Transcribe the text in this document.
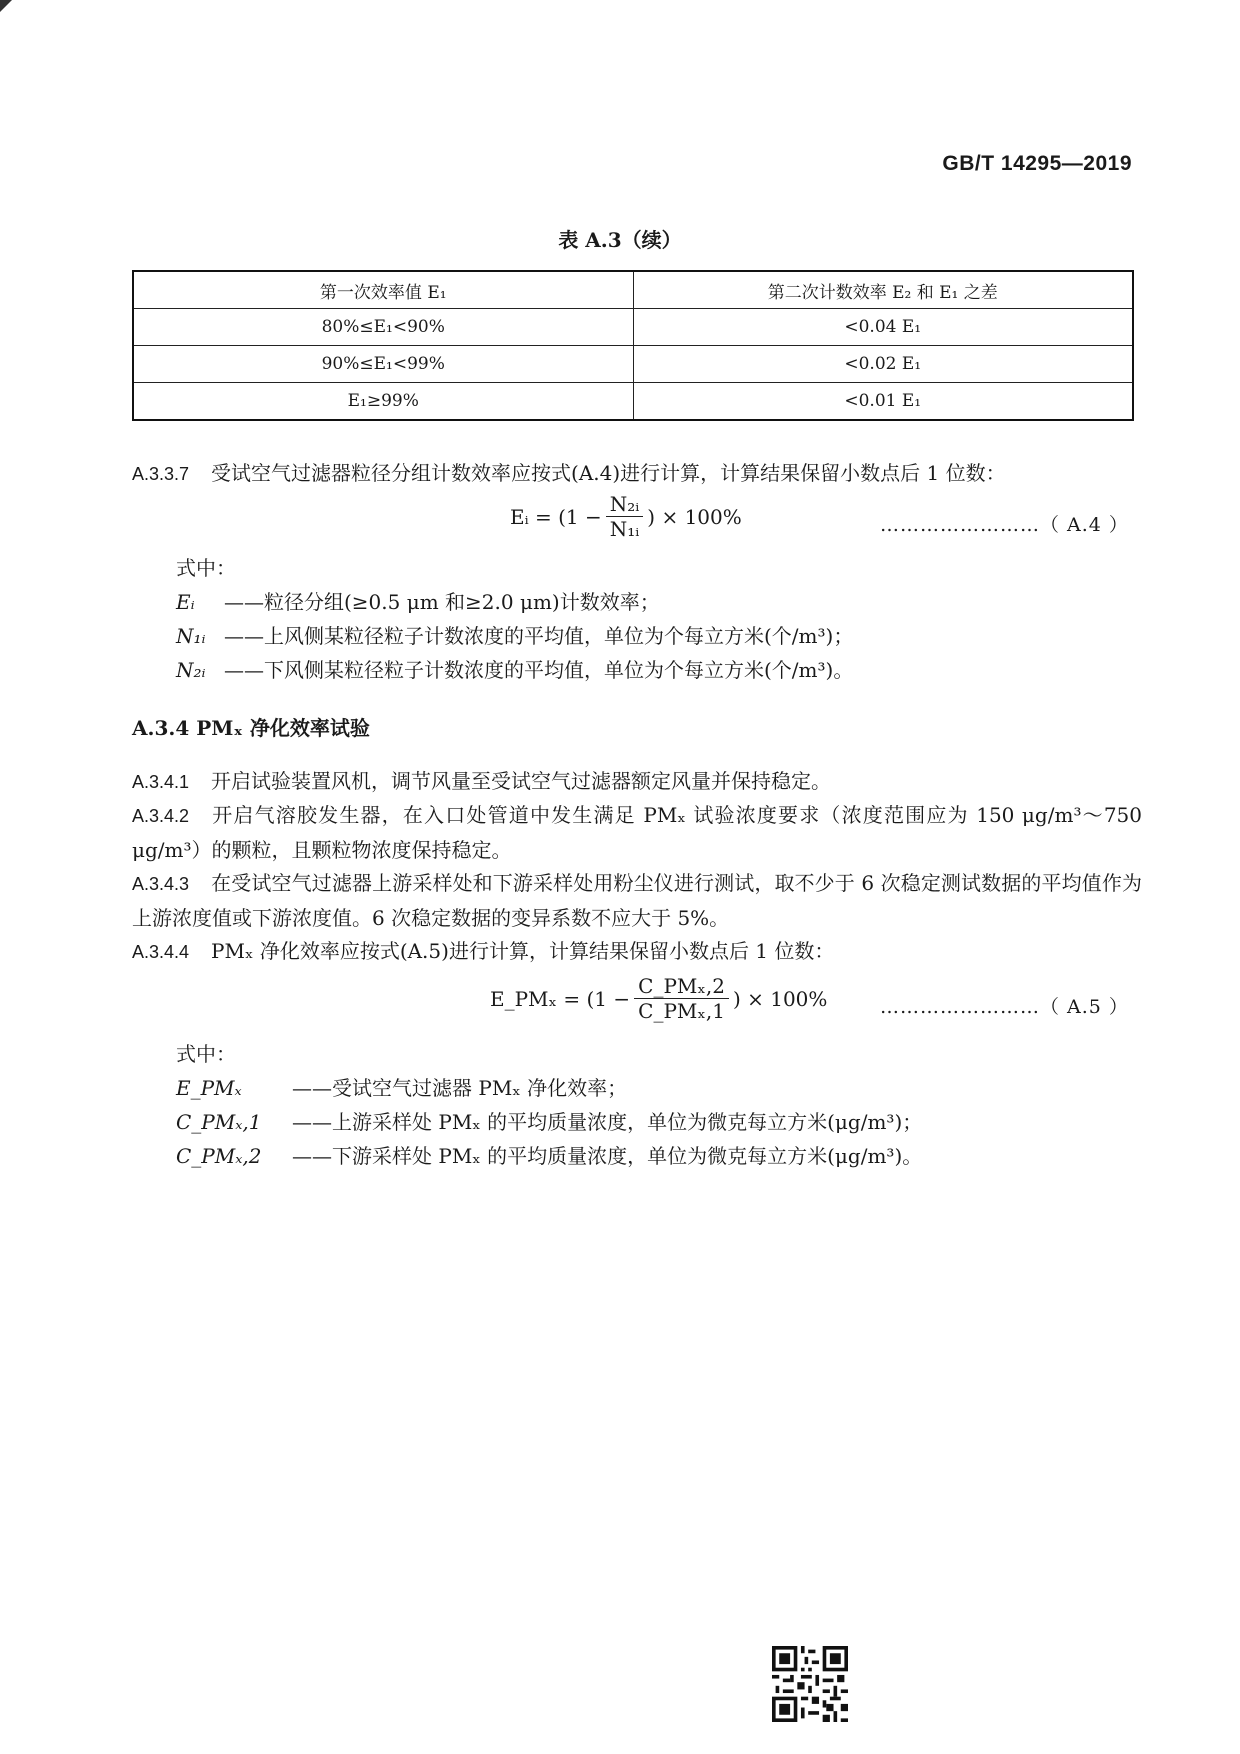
GB/T 14295—2019
表 A.3（续）
第一次效率值 E₁	第二次计数效率 E₂ 和 E₁ 之差
80%≤E₁<90%	<0.04 E₁
90%≤E₁<99%	<0.02 E₁
E₁≥99%	<0.01 E₁
A.3.3.7 受试空气过滤器粒径分组计数效率应按式(A.4)进行计算，计算结果保留小数点后 1 位数：
Eᵢ = ($1 - \frac{\text{N₂ᵢ}}{\text{N₁ᵢ}}$ ) × 100%	……………………（ A.4 ）
式中：
Eᵢ ——粒径分组(≥0.5 μm 和≥2.0 μm)计数效率；
N₁ᵢ ——上风侧某粒径粒子计数浓度的平均值，单位为个每立方米(个/m³)；
N₂ᵢ ——下风侧某粒径粒子计数浓度的平均值，单位为个每立方米(个/m³)。
A.3.4 PMₓ 净化效率试验
A.3.4.1 开启试验装置风机，调节风量至受试空气过滤器额定风量并保持稳定。
A.3.4.2 开启气溶胶发生器，在入口处管道中发生满足 PMₓ 试验浓度要求（浓度范围应为 150 μg/m³～750 μg/m³）的颗粒，且颗粒物浓度保持稳定。
A.3.4.3 在受试空气过滤器上游采样处和下游采样处用粉尘仪进行测试，取不少于 6 次稳定测试数据的平均值作为上游浓度值或下游浓度值。6 次稳定数据的变异系数不应大于 5%。
A.3.4.4 PMₓ 净化效率应按式(A.5)进行计算，计算结果保留小数点后 1 位数：
E_PMₓ = ($1 - \frac{\text{C\_PMₓ,2}}{\text{C\_PMₓ,1}}$ ) × 100%	……………………（ A.5 ）
式中：
E_PMₓ	——受试空气过滤器 PMₓ 净化效率；
C_PMₓ,1 ——上游采样处 PMₓ 的平均质量浓度，单位为微克每立方米(μg/m³)；
C_PMₓ,2 ——下游采样处 PMₓ 的平均质量浓度，单位为微克每立方米(μg/m³)。
